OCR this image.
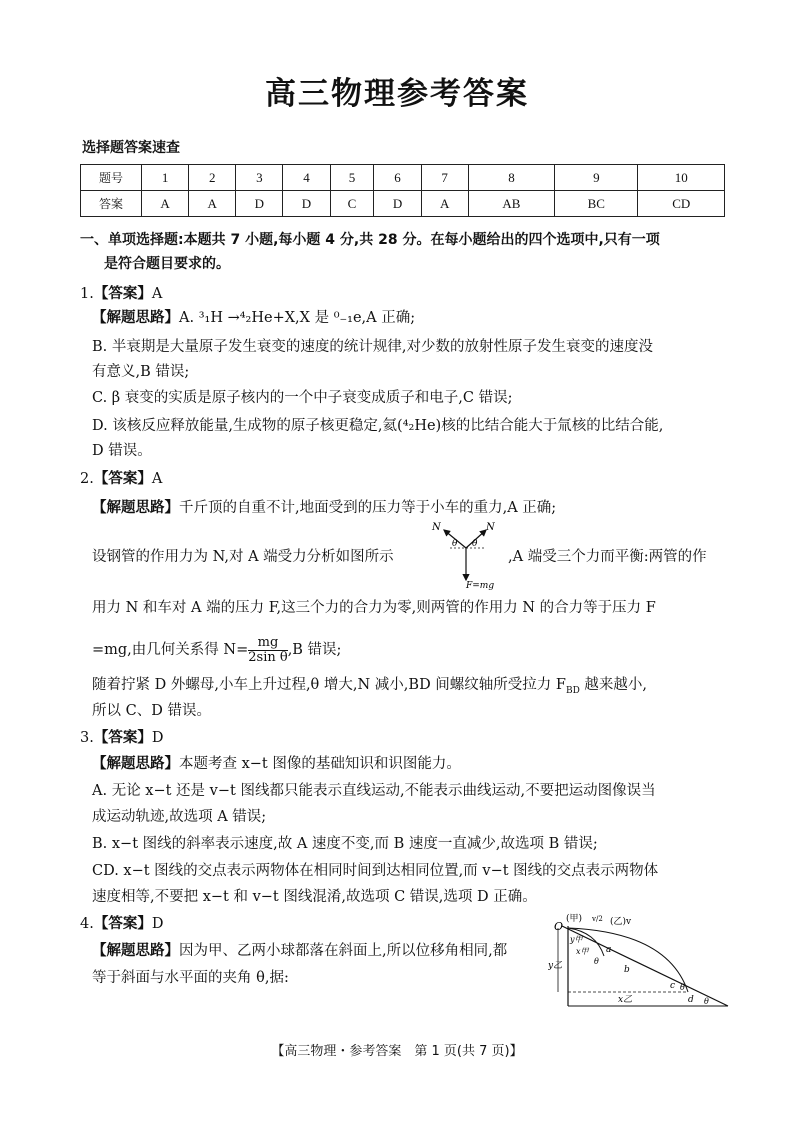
高三物理参考答案
选择题答案速查
题号	1	2	3	4	5	6	7	8	9	10
答案	A	A	D	D	C	D	A	AB	BC	CD
一、单项选择题:本题共 7 小题,每小题 4 分,共 28 分。在每小题给出的四个选项中,只有一项
是符合题目要求的。
1.【答案】A
【解题思路】A. ³₁H →⁴₂He+X,X 是 ⁰₋₁e,A 正确;
B. 半衰期是大量原子发生衰变的速度的统计规律,对少数的放射性原子发生衰变的速度没
有意义,B 错误;
C. β 衰变的实质是原子核内的一个中子衰变成质子和电子,C 错误;
D. 该核反应释放能量,生成物的原子核更稳定,氦(⁴₂He)核的比结合能大于氚核的比结合能,
D 错误。
2.【答案】A
【解题思路】千斤顶的自重不计,地面受到的压力等于小车的重力,A 正确;
设钢管的作用力为 N,对 A 端受力分析如图所示
N	N
θ θ
F=mg
,A 端受三个力而平衡:两管的作
用力 N 和车对 A 端的压力 F,这三个力的合力为零,则两管的作用力 N 的合力等于压力 F
=mg,由几何关系得 $N= \frac{mg}{\text{2sin θ}} ,B$ 错误;
随着拧紧 D 外螺母,小车上升过程,θ 增大,N 减小,BD 间螺纹轴所受拉力 $F_{BD}$ 越来越小,
所以 C、D 错误。
3.【答案】D
【解题思路】本题考查 x−t 图像的基础知识和识图能力。
A. 无论 x−t 还是 v−t 图线都只能表示直线运动,不能表示曲线运动,不要把运动图像误当
成运动轨迹,故选项 A 错误;
B. x−t 图线的斜率表示速度,故 A 速度不变,而 B 速度一直减少,故选项 B 错误;
CD. x−t 图线的交点表示两物体在相同时间到达相同位置,而 v−t 图线的交点表示两物体
速度相等,不要把 x−t 和 v−t 图线混淆,故选项 C 错误,选项 D 正确。
4.【答案】D
【解题思路】因为甲、乙两小球都落在斜面上,所以位移角相同,都
等于斜面与水平面的夹角 θ,据:
O
(甲) v/2 (乙)v
y甲
x甲
y乙
x乙
a
b
c
d
θ
θ
θ
【高三物理・参考答案　第 1 页(共 7 页)】
